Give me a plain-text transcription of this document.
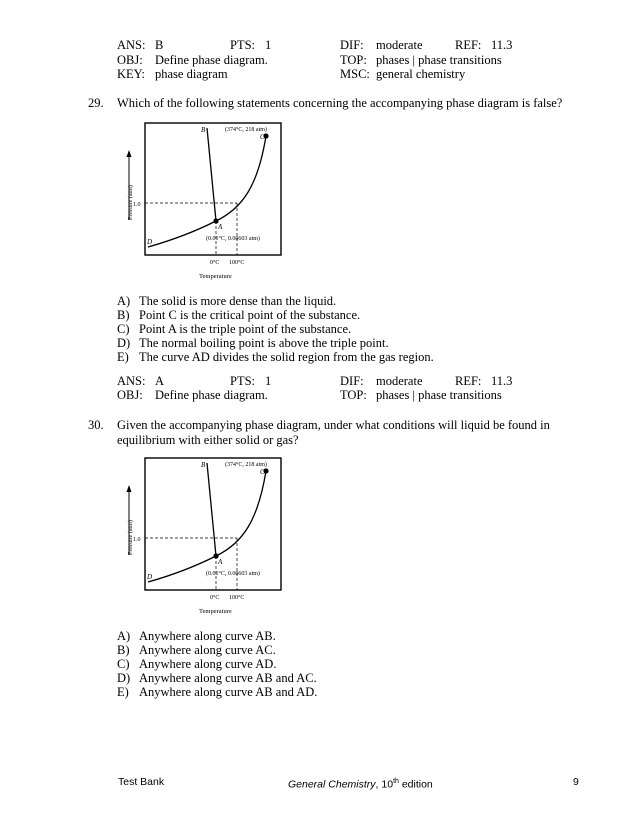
ANS: B	PTS: 1	DIF: moderate	REF: 11.3
OBJ: Define phase diagram.	TOP: phases | phase transitions
KEY: phase diagram	MSC: general chemistry
29. Which of the following statements concerning the accompanying phase diagram is false?
Pressure (atm)
B
C
A
D
(374°C, 218 atm)
(0.01°C, 0.00603 atm)
1.0
0°C 100°C
Temperature
A) The solid is more dense than the liquid.
B) Point C is the critical point of the substance.
C) Point A is the triple point of the substance.
D) The normal boiling point is above the triple point.
E) The curve AD divides the solid region from the gas region.
ANS: A	PTS: 1	DIF: moderate	REF: 11.3
OBJ: Define phase diagram.	TOP: phases | phase transitions
30. Given the accompanying phase diagram, under what conditions will liquid be found in equilibrium with either solid or gas?
Pressure (atm)
B
C
A
D
(374°C, 218 atm)
(0.01°C, 0.00603 atm)
1.0
0°C 100°C
Temperature
A) Anywhere along curve AB.
B) Anywhere along curve AC.
C) Anywhere along curve AD.
D) Anywhere along curve AB and AC.
E) Anywhere along curve AB and AD.
Test Bank	General Chemistry, 10th edition	9
